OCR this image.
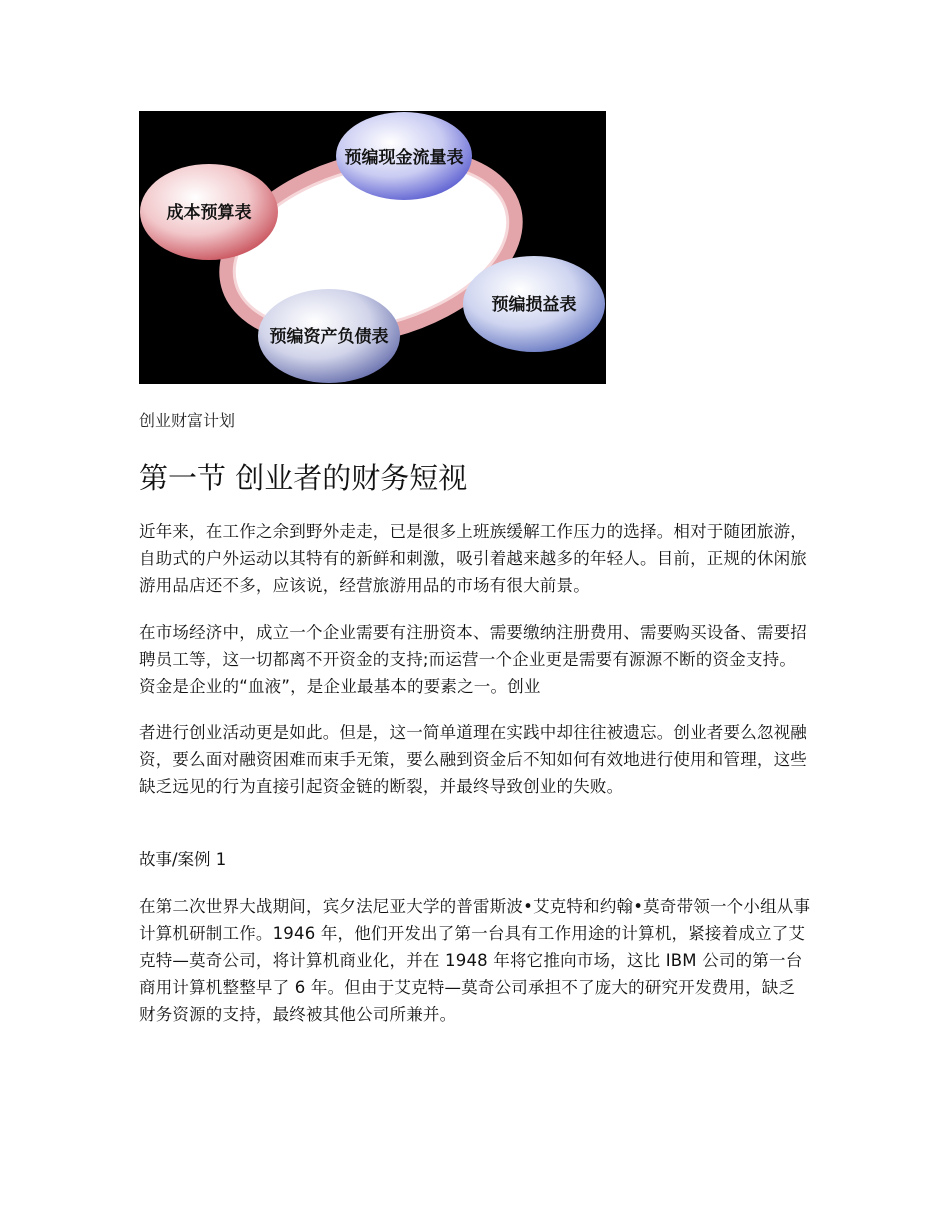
预编现金流量表
成本预算表
预编损益表
预编资产负债表

创业财富计划

第一节 创业者的财务短视

近年来，在工作之余到野外走走，已是很多上班族缓解工作压力的选择。相对于随团旅游，自助式的户外运动以其特有的新鲜和刺激，吸引着越来越多的年轻人。目前，正规的休闲旅游用品店还不多，应该说，经营旅游用品的市场有很大前景。

在市场经济中，成立一个企业需要有注册资本、需要缴纳注册费用、需要购买设备、需要招聘员工等，这一切都离不开资金的支持;而运营一个企业更是需要有源源不断的资金支持。资金是企业的“血液”，是企业最基本的要素之一。创业

者进行创业活动更是如此。但是，这一简单道理在实践中却往往被遗忘。创业者要么忽视融资，要么面对融资困难而束手无策，要么融到资金后不知如何有效地进行使用和管理，这些缺乏远见的行为直接引起资金链的断裂，并最终导致创业的失败。

故事/案例 1

在第二次世界大战期间，宾夕法尼亚大学的普雷斯波•艾克特和约翰•莫奇带领一个小组从事计算机研制工作。1946 年，他们开发出了第一台具有工作用途的计算机，紧接着成立了艾克特—莫奇公司，将计算机商业化，并在 1948 年将它推向市场，这比 IBM 公司的第一台商用计算机整整早了 6 年。但由于艾克特—莫奇公司承担不了庞大的研究开发费用，缺乏财务资源的支持，最终被其他公司所兼并。
